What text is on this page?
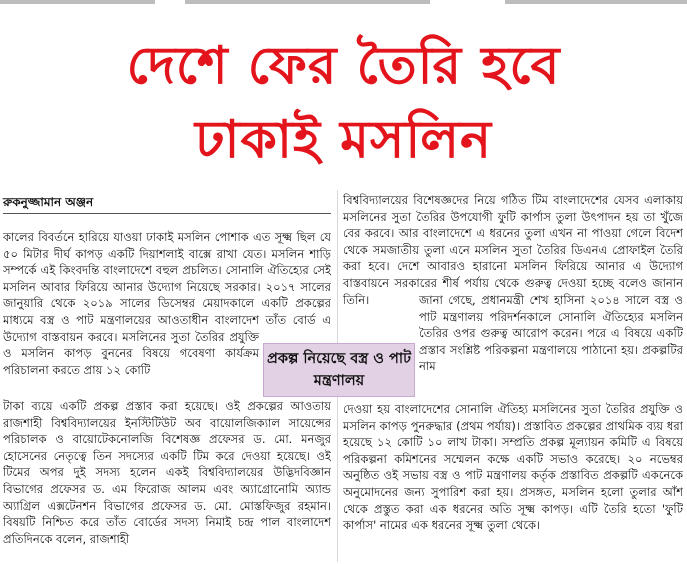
দেশে ফের তৈরি হবে
ঢাকাই মসলিন
রুকনুজ্জামান অঞ্জন

কালের বিবর্তনে হারিয়ে যাওয়া ঢাকাই মসলিন পোশাক এত সূক্ষ্ম ছিল যে ৫০ মিটার দীর্ঘ কাপড় একটি দিয়াশলাই বাক্সে রাখা যেত। মসলিন শাড়ি সম্পর্কে এই কিংবদন্তি বাংলাদেশে বহুল প্রচলিত। সোনালি ঐতিহ্যের সেই মসলিন আবার ফিরিয়ে আনার উদ্যোগ নিয়েছে সরকার। ২০১৭ সালের জানুয়ারি থেকে ২০১৯ সালের ডিসেম্বর মেয়াদকালে একটি প্রকল্পের মাধ্যমে বস্ত্র ও পাট মন্ত্রণালয়ের আওতাধীন বাংলাদেশ তাঁত বোর্ড এ উদ্যোগ বাস্তবায়ন করবে। মসলিনের সুতা তৈরির প্রযুক্তি ও মসলিন কাপড় বুননের বিষয়ে গবেষণা কার্যক্রম পরিচালনা করতে প্রায় ১২ কোটি

টাকা ব্যয়ে একটি প্রকল্প প্রস্তাব করা হয়েছে। ওই প্রকল্পের আওতায় রাজশাহী বিশ্ববিদ্যালয়ের ইনস্টিটিউট অব বায়োলজিক্যাল সায়েন্সের পরিচালক ও বায়োটেকনোলজি বিশেষজ্ঞ প্রফেসর ড. মো. মনজুর হোসেনের নেতৃত্বে তিন সদস্যের একটি টিম করে দেওয়া হয়েছে। ওই টিমের অপর দুই সদস্য হলেন একই বিশ্ববিদ্যালয়ের উদ্ভিদবিজ্ঞান বিভাগের প্রফেসর ড. এম ফিরোজ আলম এবং অ্যাগ্রোনোমি অ্যান্ড অ্যাগ্রিল এক্সটেনশন বিভাগের প্রফেসর ড. মো. মোস্তফিজুর রহমান। বিষয়টি নিশ্চিত করে তাঁত বোর্ডের সদস্য নিমাই চন্দ্র পাল বাংলাদেশ প্রতিদিনকে বলেন, রাজশাহী

বিশ্ববিদ্যালয়ের বিশেষজ্ঞদের নিয়ে গঠিত টিম বাংলাদেশের যেসব এলাকায় মসলিনের সুতা তৈরির উপযোগী ফুটি কার্পাস তুলা উৎপাদন হয় তা খুঁজে বের করবে। আর বাংলাদেশে এ ধরনের তুলা এখন না পাওয়া গেলে বিদেশ থেকে সমজাতীয় তুলা এনে মসলিন সুতা তৈরির ডিএনএ প্রোফাইল তৈরি করা হবে। দেশে আবারও হারানো মসলিন ফিরিয়ে আনার এ উদ্যোগ বাস্তবায়নে সরকারের শীর্ষ পর্যায় থেকে গুরুত্ব দেওয়া হচ্ছে বলেও জানান তিনি।	জানা গেছে, প্রধানমন্ত্রী শেখ হাসিনা ২০১৪ সালে বস্ত্র ও পাট মন্ত্রণালয় পরিদর্শনকালে সোনালি ঐতিহ্যের মসলিন তৈরির ওপর গুরুত্ব আরোপ করেন। পরে এ বিষয়ে একটি প্রস্তাব সংশ্লিষ্ট পরিকল্পনা মন্ত্রণালয়ে পাঠানো হয়। প্রকল্পটির নাম

দেওয়া হয় বাংলাদেশের সোনালি ঐতিহ্য মসলিনের সুতা তৈরির প্রযুক্তি ও মসলিন কাপড় পুনরুদ্ধার (প্রথম পর্যায়)। প্রস্তাবিত প্রকল্পের প্রাথমিক ব্যয় ধরা হয়েছে ১২ কোটি ১০ লাখ টাকা। সম্প্রতি প্রকল্প মূল্যায়ন কমিটি এ বিষয়ে পরিকল্পনা কমিশনের সম্মেলন কক্ষে একটি সভাও করেছে। ২০ নভেম্বর অনুষ্ঠিত ওই সভায় বস্ত্র ও পাট মন্ত্রণালয় কর্তৃক প্রস্তাবিত প্রকল্পটি একনেকে অনুমোদনের জন্য সুপারিশ করা হয়। প্রসঙ্গত, মসলিন হলো তুলার আঁশ থেকে প্রস্তুত করা এক ধরনের অতি সূক্ষ্ম কাপড়। এটি তৈরি হতো 'ফুটি কার্পাস' নামের এক ধরনের সূক্ষ্ম তুলা থেকে।

প্রকল্প নিয়েছে বস্ত্র ও পাট মন্ত্রণালয়
